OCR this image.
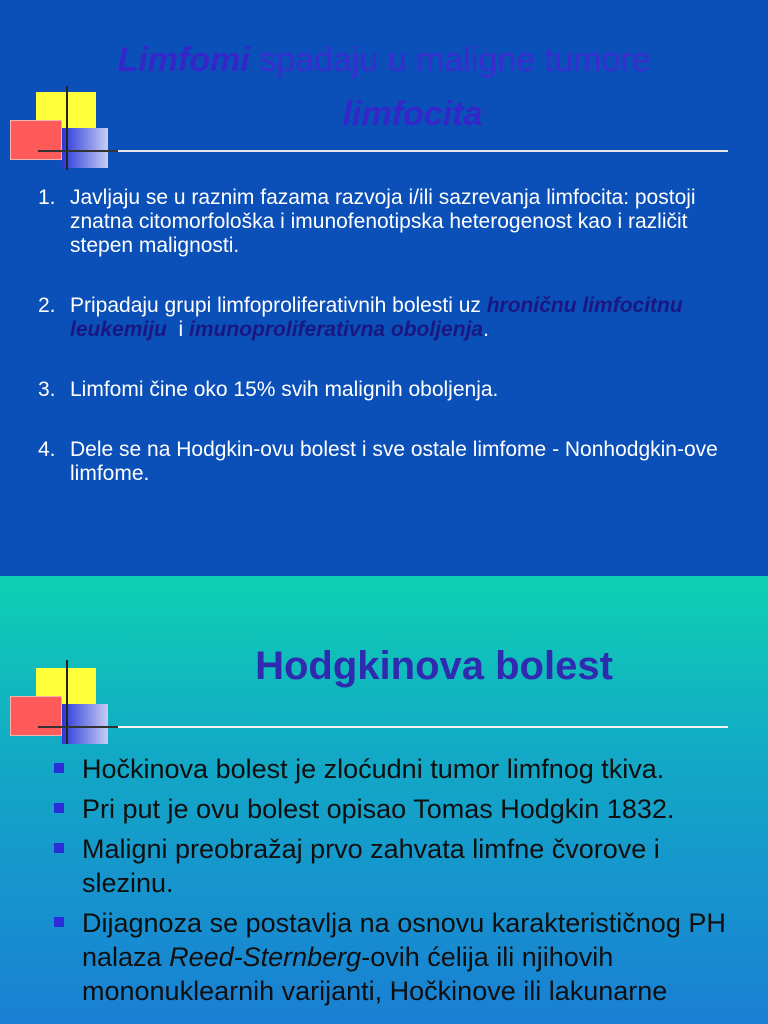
Limfomi spadaju u maligne tumore
limfocita
1. Javljaju se u raznim fazama razvoja i/ili sazrevanja limfocita: postoji znatna citomorfološka i imunofenotipska heterogenost kao i različit stepen malignosti.
2. Pripadaju grupi limfoproliferativnih bolesti uz hroničnu limfocitnu leukemiju  i imunoproliferativna oboljenja.
3. Limfomi čine oko 15% svih malignih oboljenja.
4. Dele se na Hodgkin-ovu bolest i sve ostale limfome - Nonhodgkin-ove limfome.
Hodgkinova bolest
Hočkinova bolest je zloćudni tumor limfnog tkiva.
Pri put je ovu bolest opisao Tomas Hodgkin 1832.
Maligni preobražaj prvo zahvata limfne čvorove i slezinu.
Dijagnoza se postavlja na osnovu karakterističnog PH nalaza Reed-Sternberg-ovih ćelija ili njihovih mononuklearnih varijanti, Hočkinove ili lakunarne
